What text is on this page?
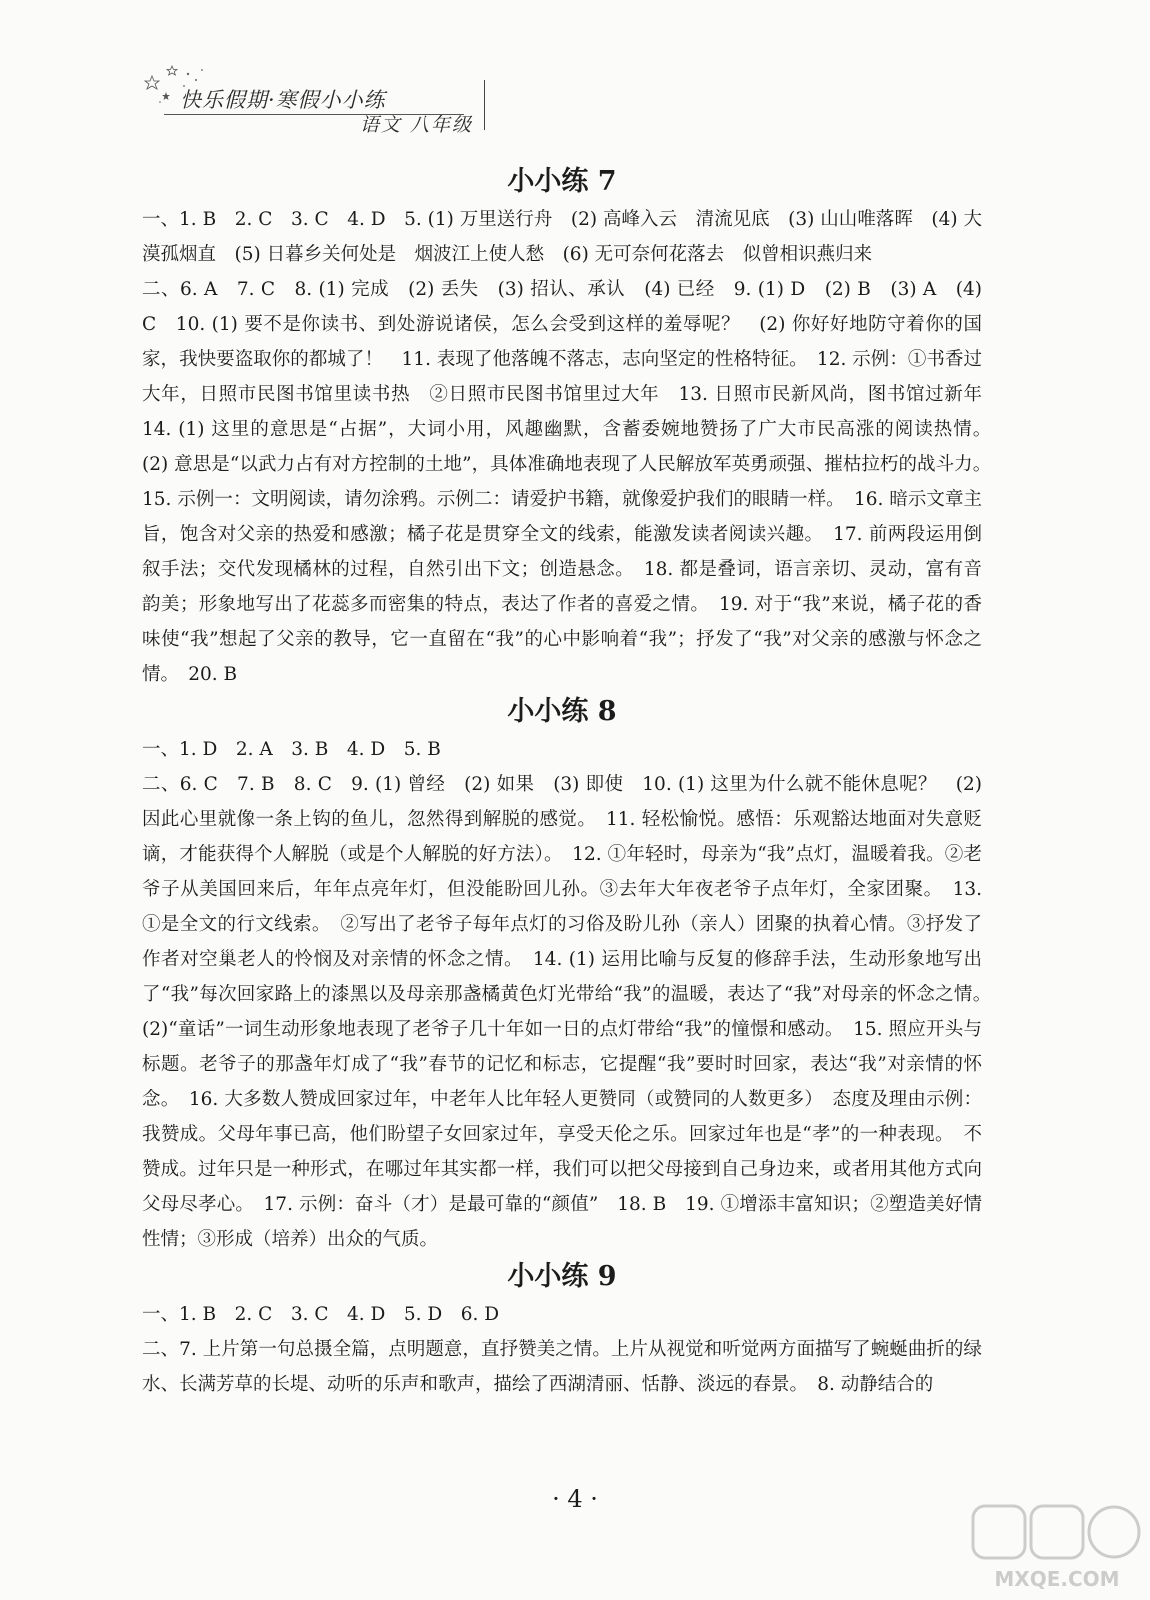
快乐假期·寒假小小练
语文 八年级
小小练 7

一、1. B　2. C　3. C　4. D　5. (1) 万里送行舟　(2) 高峰入云　清流见底　(3) 山山唯落晖　(4) 大漠孤烟直　(5) 日暮乡关何处是　烟波江上使人愁　(6) 无可奈何花落去　似曾相识燕归来

二、6. A　7. C　8. (1) 完成　(2) 丢失　(3) 招认、承认　(4) 已经　9. (1) D　(2) B　(3) A　(4) C　10. (1) 要不是你读书、到处游说诸侯，怎么会受到这样的羞辱呢？　(2) 你好好地防守着你的国家，我快要盗取你的都城了！　11. 表现了他落魄不落志，志向坚定的性格特征。　12. 示例：①书香过大年，日照市民图书馆里读书热　②日照市民图书馆里过大年　13. 日照市民新风尚，图书馆过新年　14. (1) 这里的意思是“占据”，大词小用，风趣幽默，含蓄委婉地赞扬了广大市民高涨的阅读热情。　(2) 意思是“以武力占有对方控制的土地”，具体准确地表现了人民解放军英勇顽强、摧枯拉朽的战斗力。　15. 示例一：文明阅读，请勿涂鸦。示例二：请爱护书籍，就像爱护我们的眼睛一样。　16. 暗示文章主旨，饱含对父亲的热爱和感激；橘子花是贯穿全文的线索，能激发读者阅读兴趣。　17. 前两段运用倒叙手法；交代发现橘林的过程，自然引出下文；创造悬念。　18. 都是叠词，语言亲切、灵动，富有音韵美；形象地写出了花蕊多而密集的特点，表达了作者的喜爱之情。　19. 对于“我”来说，橘子花的香味使“我”想起了父亲的教导，它一直留在“我”的心中影响着“我”；抒发了“我”对父亲的感激与怀念之情。　20. B

小小练 8

一、1. D　2. A　3. B　4. D　5. B

二、6. C　7. B　8. C　9. (1) 曾经　(2) 如果　(3) 即使　10. (1) 这里为什么就不能休息呢？　(2) 因此心里就像一条上钩的鱼儿，忽然得到解脱的感觉。　11. 轻松愉悦。感悟：乐观豁达地面对失意贬谪，才能获得个人解脱（或是个人解脱的好方法）。　12. ①年轻时，母亲为“我”点灯，温暖着我。②老爷子从美国回来后，年年点亮年灯，但没能盼回儿孙。③去年大年夜老爷子点年灯，全家团聚。　13. ①是全文的行文线索。　②写出了老爷子每年点灯的习俗及盼儿孙（亲人）团聚的执着心情。③抒发了作者对空巢老人的怜悯及对亲情的怀念之情。　14. (1) 运用比喻与反复的修辞手法，生动形象地写出了“我”每次回家路上的漆黑以及母亲那盏橘黄色灯光带给“我”的温暖，表达了“我”对母亲的怀念之情。　(2)“童话”一词生动形象地表现了老爷子几十年如一日的点灯带给“我”的憧憬和感动。　15. 照应开头与标题。老爷子的那盏年灯成了“我”春节的记忆和标志，它提醒“我”要时时回家，表达“我”对亲情的怀念。　16. 大多数人赞成回家过年，中老年人比年轻人更赞同（或赞同的人数更多）　态度及理由示例：我赞成。父母年事已高，他们盼望子女回家过年，享受天伦之乐。回家过年也是“孝”的一种表现。　不赞成。过年只是一种形式，在哪过年其实都一样，我们可以把父母接到自己身边来，或者用其他方式向父母尽孝心。　17. 示例：奋斗（才）是最可靠的“颜值”　18. B　19. ①增添丰富知识；②塑造美好情性情；③形成（培养）出众的气质。

小小练 9

一、1. B　2. C　3. C　4. D　5. D　6. D

二、7. 上片第一句总摄全篇，点明题意，直抒赞美之情。上片从视觉和听觉两方面描写了蜿蜒曲折的绿水、长满芳草的长堤、动听的乐声和歌声，描绘了西湖清丽、恬静、淡远的春景。　8. 动静结合的

· 4 ·
MXQE.COM
